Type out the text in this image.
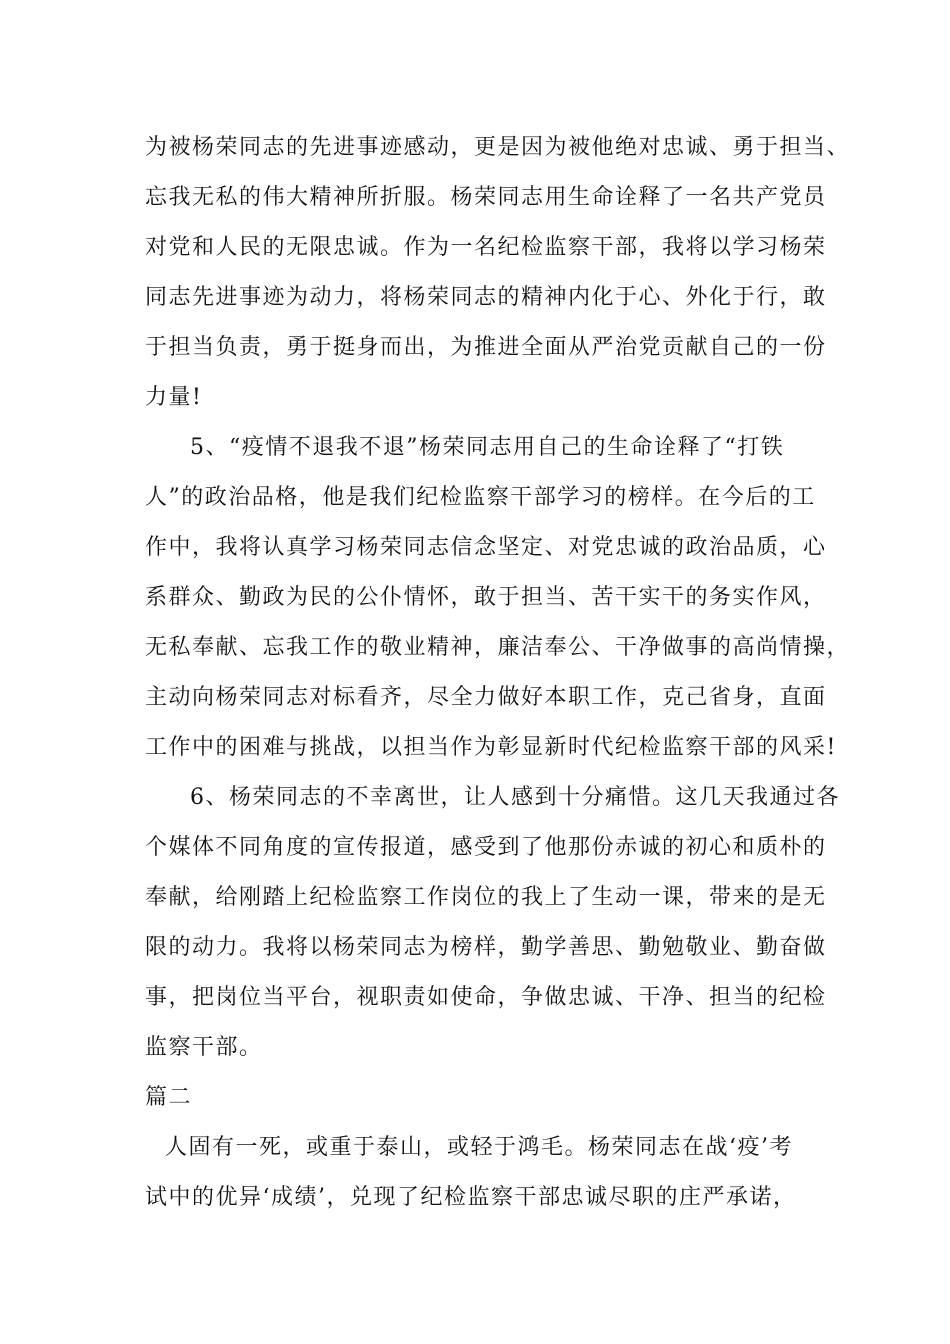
为被杨荣同志的先进事迹感动，更是因为被他绝对忠诚、勇于担当、

忘我无私的伟大精神所折服。杨荣同志用生命诠释了一名共产党员

对党和人民的无限忠诚。作为一名纪检监察干部，我将以学习杨荣

同志先进事迹为动力，将杨荣同志的精神内化于心、外化于行，敢

于担当负责，勇于挺身而出，为推进全面从严治党贡献自己的一份

力量!

5、“疫情不退我不退”杨荣同志用自己的生命诠释了“打铁

人”的政治品格，他是我们纪检监察干部学习的榜样。在今后的工

作中，我将认真学习杨荣同志信念坚定、对党忠诚的政治品质，心

系群众、勤政为民的公仆情怀，敢于担当、苦干实干的务实作风，

无私奉献、忘我工作的敬业精神，廉洁奉公、干净做事的高尚情操，

主动向杨荣同志对标看齐，尽全力做好本职工作，克己省身，直面

工作中的困难与挑战，以担当作为彰显新时代纪检监察干部的风采!

6、杨荣同志的不幸离世，让人感到十分痛惜。这几天我通过各

个媒体不同角度的宣传报道，感受到了他那份赤诚的初心和质朴的

奉献，给刚踏上纪检监察工作岗位的我上了生动一课，带来的是无

限的动力。我将以杨荣同志为榜样，勤学善思、勤勉敬业、勤奋做

事，把岗位当平台，视职责如使命，争做忠诚、干净、担当的纪检

监察干部。

篇二

人固有一死，或重于泰山，或轻于鸿毛。杨荣同志在战‘疫’考

试中的优异‘成绩’，兑现了纪检监察干部忠诚尽职的庄严承诺，
